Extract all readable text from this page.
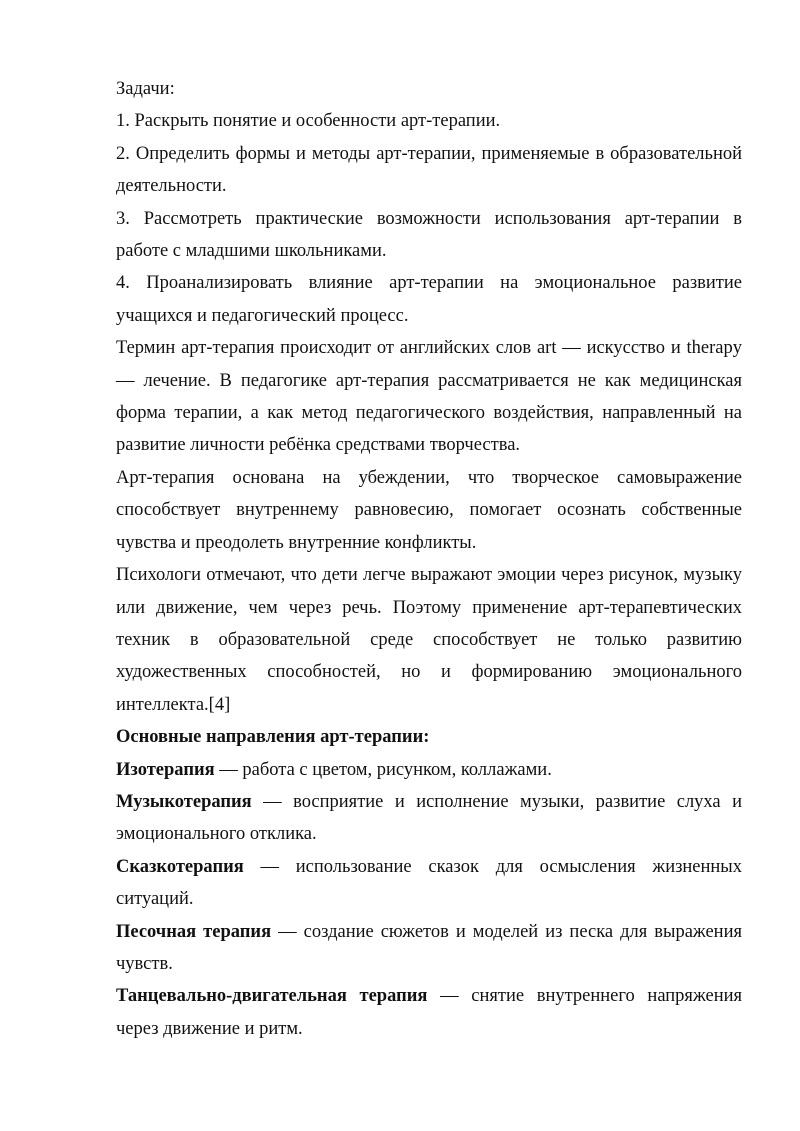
Задачи:

1. Раскрыть понятие и особенности арт-терапии.

2. Определить формы и методы арт-терапии, применяемые в образовательной деятельности.

3. Рассмотреть практические возможности использования арт-терапии в работе с младшими школьниками.

4. Проанализировать влияние арт-терапии на эмоциональное развитие учащихся и педагогический процесс.

Термин арт-терапия происходит от английских слов art — искусство и therapy — лечение. В педагогике арт-терапия рассматривается не как медицинская форма терапии, а как метод педагогического воздействия, направленный на развитие личности ребёнка средствами творчества.

Арт-терапия основана на убеждении, что творческое самовыражение способствует внутреннему равновесию, помогает осознать собственные чувства и преодолеть внутренние конфликты.

Психологи отмечают, что дети легче выражают эмоции через рисунок, музыку или движение, чем через речь. Поэтому применение арт-терапевтических техник в образовательной среде способствует не только развитию художественных способностей, но и формированию эмоционального интеллекта.[4]

Основные направления арт-терапии:

Изотерапия — работа с цветом, рисунком, коллажами.

Музыкотерапия — восприятие и исполнение музыки, развитие слуха и эмоционального отклика.

Сказкотерапия — использование сказок для осмысления жизненных ситуаций.

Песочная терапия — создание сюжетов и моделей из песка для выражения чувств.

Танцевально-двигательная терапия — снятие внутреннего напряжения через движение и ритм.
